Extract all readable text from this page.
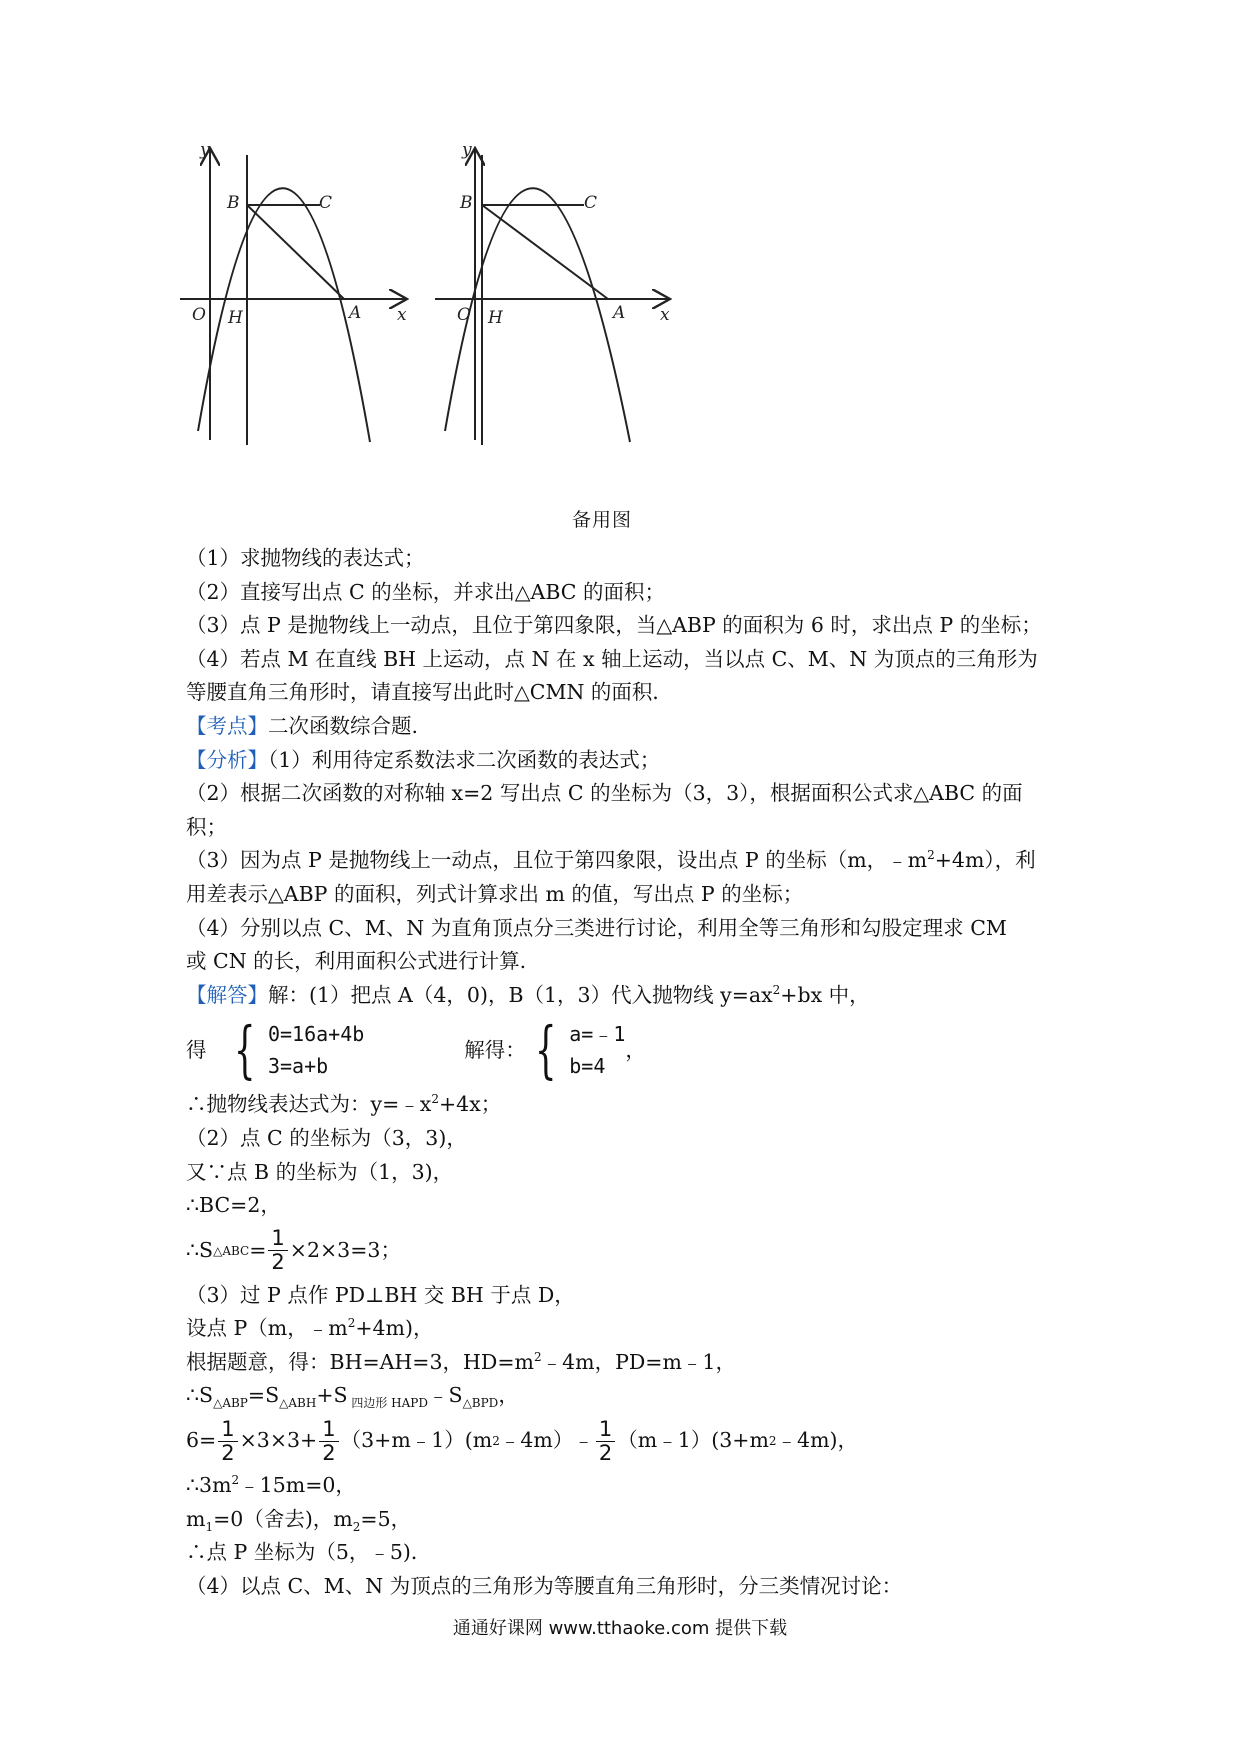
y
x
O H	A
B	C
y
x
O H	A
B	C
备用图
（1）求抛物线的表达式；
（2）直接写出点 C 的坐标，并求出△ABC 的面积；
（3）点 P 是抛物线上一动点，且位于第四象限，当△ABP 的面积为 6 时，求出点 P 的坐标；
（4）若点 M 在直线 BH 上运动，点 N 在 x 轴上运动，当以点 C、M、N 为顶点的三角形为
等腰直角三角形时，请直接写出此时△CMN 的面积．
【考点】二次函数综合题.
【分析】（1）利用待定系数法求二次函数的表达式；
（2）根据二次函数的对称轴 x=2 写出点 C 的坐标为（3，3），根据面积公式求△ABC 的面
积；
（3）因为点 P 是抛物线上一动点，且位于第四象限，设出点 P 的坐标（m，$﹣m^2+4m$），利
用差表示△ABP 的面积，列式计算求出 m 的值，写出点 P 的坐标；
（4）分别以点 C、M、N 为直角顶点分三类进行讨论，利用全等三角形和勾股定理求 CM
或 CN 的长，利用面积公式进行计算.
【解答】解：(1）把点 A（4，0)，B（1，3）代入抛物线 $y=ax^2+bx$ 中，
得 { 0=16a+4b
3=a+b
解得： { a=﹣1
b=4
，
∴抛物线表达式为：$y=﹣x^2+4x$；
（2）点 C 的坐标为（3，3)，
又∵点 B 的坐标为（1，3)，
∴BC=2，
∴S △ABC = $\frac{1}{2} \times 2\times 3=3$；
（3）过 P 点作 PD⊥BH 交 BH 于点 D，
设点 P（m，$﹣m^2+4m$)，
根据题意，得：BH=AH=3，$HD=m^2﹣4m$，PD=m﹣1，
$\therefore S_{\triangle ABP}=S_{\triangle ABH}+S$ $_{四边形 HAPD}﹣S_{\triangle BPD}$，
$6= \frac{1}{2} \times 3\times 3+ \frac{1}{2}$ （3+m﹣1）(m 2 ﹣4m）﹣ $\frac{1}{2}$ （m﹣1）(3+m 2 ﹣4m)，
$\therefore 3m^2﹣15m=0$，
$m_1=0$（舍去)，$m_2=5$，
∴点 P 坐标为（5，﹣5)．
（4）以点 C、M、N 为顶点的三角形为等腰直角三角形时，分三类情况讨论：
通通好课网 www.tthaoke.com 提供下载
